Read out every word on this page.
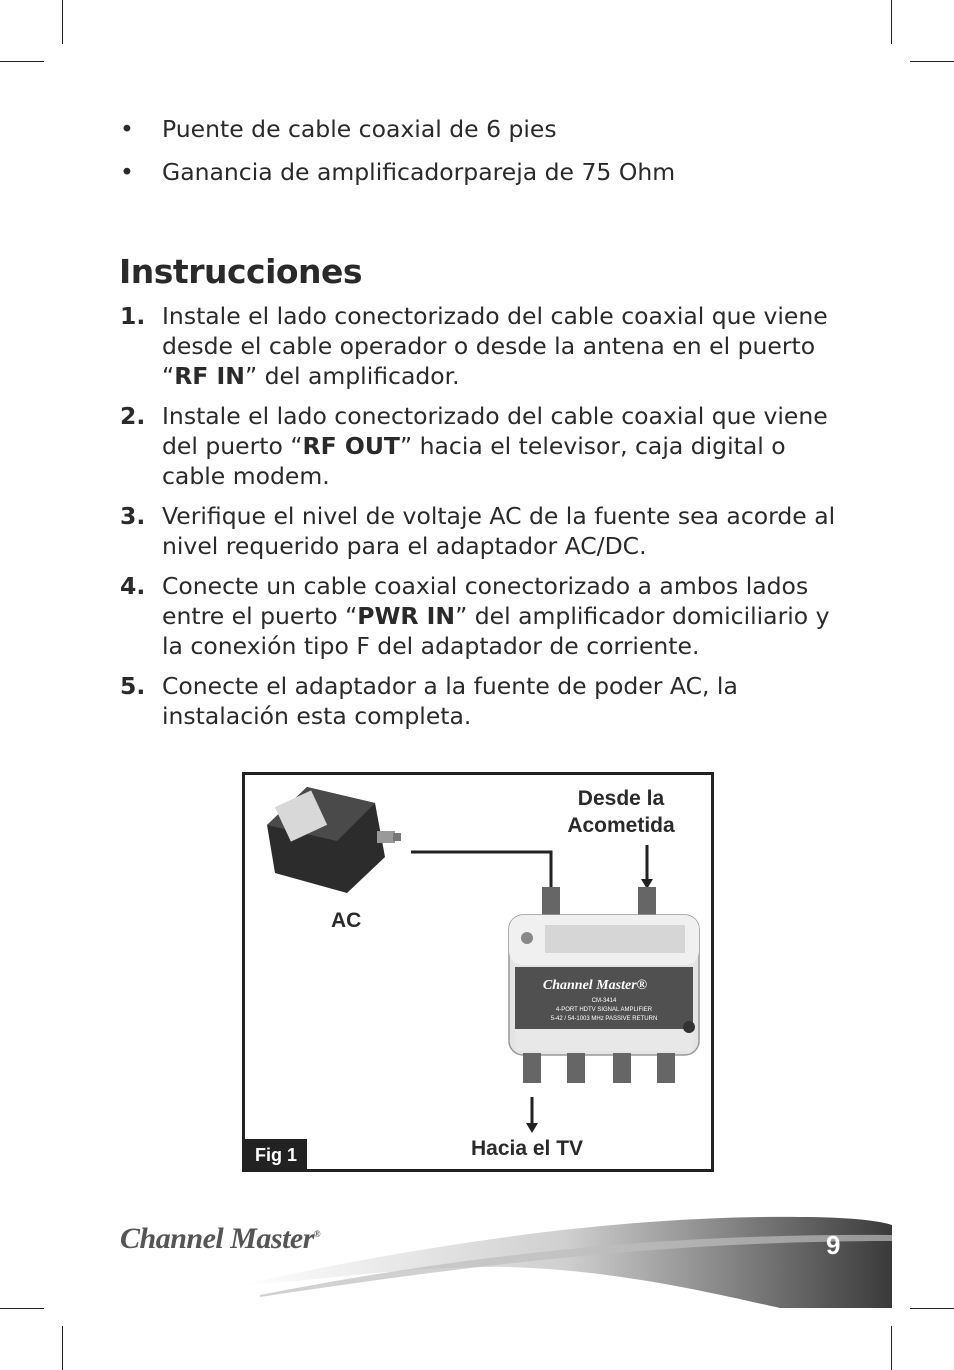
• Puente de cable coaxial de 6 pies
• Ganancia de amplificadorpareja de 75 Ohm
Instrucciones
1. Instale el lado conectorizado del cable coaxial que viene desde el cable operador o desde la antena en el puerto “RF IN” del amplificador.
2. Instale el lado conectorizado del cable coaxial que viene del puerto “RF OUT” hacia el televisor, caja digital o cable modem.
3. Verifique el nivel de voltaje AC de la fuente sea acorde al nivel requerido para el adaptador AC/DC.
4. Conecte un cable coaxial conectorizado a ambos lados entre el puerto “PWR IN” del amplificador domiciliario y la conexión tipo F del adaptador de corriente.
5. Conecte el adaptador a la fuente de poder AC, la instalación esta completa.
Channel Master®
CM-3414
4-PORT HDTV SIGNAL AMPLIFIER
5-42 / 54-1003 MHz PASSIVE RETURN
Desde la
Acometida
AC
Hacia el TV
Fig 1
Channel Master®	9
